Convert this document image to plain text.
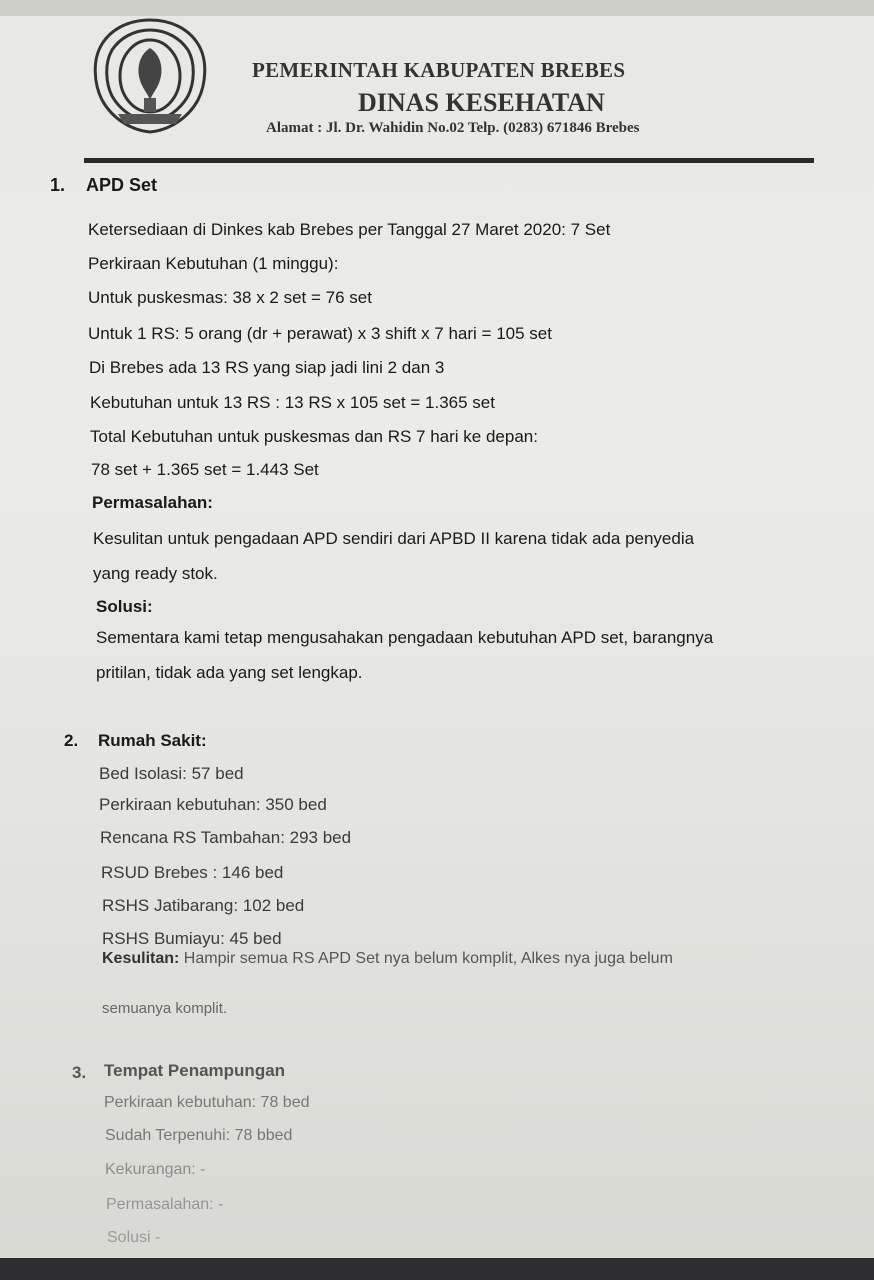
PEMERINTAH KABUPATEN BREBES
DINAS KESEHATAN
Alamat : Jl. Dr. Wahidin No.02 Telp. (0283) 671846 Brebes
1. APD Set
Ketersediaan di Dinkes kab Brebes per Tanggal 27 Maret 2020: 7 Set
Perkiraan Kebutuhan (1 minggu):
Untuk puskesmas: 38 x 2 set = 76 set
Untuk 1 RS: 5 orang (dr + perawat) x 3 shift x 7 hari = 105 set
Di Brebes ada 13 RS yang siap jadi lini 2 dan 3
Kebutuhan untuk 13 RS : 13 RS x 105 set = 1.365 set
Total Kebutuhan untuk puskesmas dan RS 7 hari ke depan:
78 set + 1.365 set = 1.443 Set
Permasalahan:
Kesulitan untuk pengadaan APD sendiri dari APBD II karena tidak ada penyedia
yang ready stok.
Solusi:
Sementara kami tetap mengusahakan pengadaan kebutuhan APD set, barangnya
pritilan, tidak ada yang set lengkap.
2. Rumah Sakit:
Bed Isolasi: 57 bed
Perkiraan kebutuhan: 350 bed
Rencana RS Tambahan: 293 bed
RSUD Brebes : 146 bed
RSHS Jatibarang: 102 bed
RSHS Bumiayu: 45 bed
Kesulitan: Hampir semua RS APD Set nya belum komplit, Alkes nya juga belum
semuanya komplit.
3. Tempat Penampungan
Perkiraan kebutuhan: 78 bed
Sudah Terpenuhi: 78 bbed
Kekurangan: -
Permasalahan: -
Solusi -
